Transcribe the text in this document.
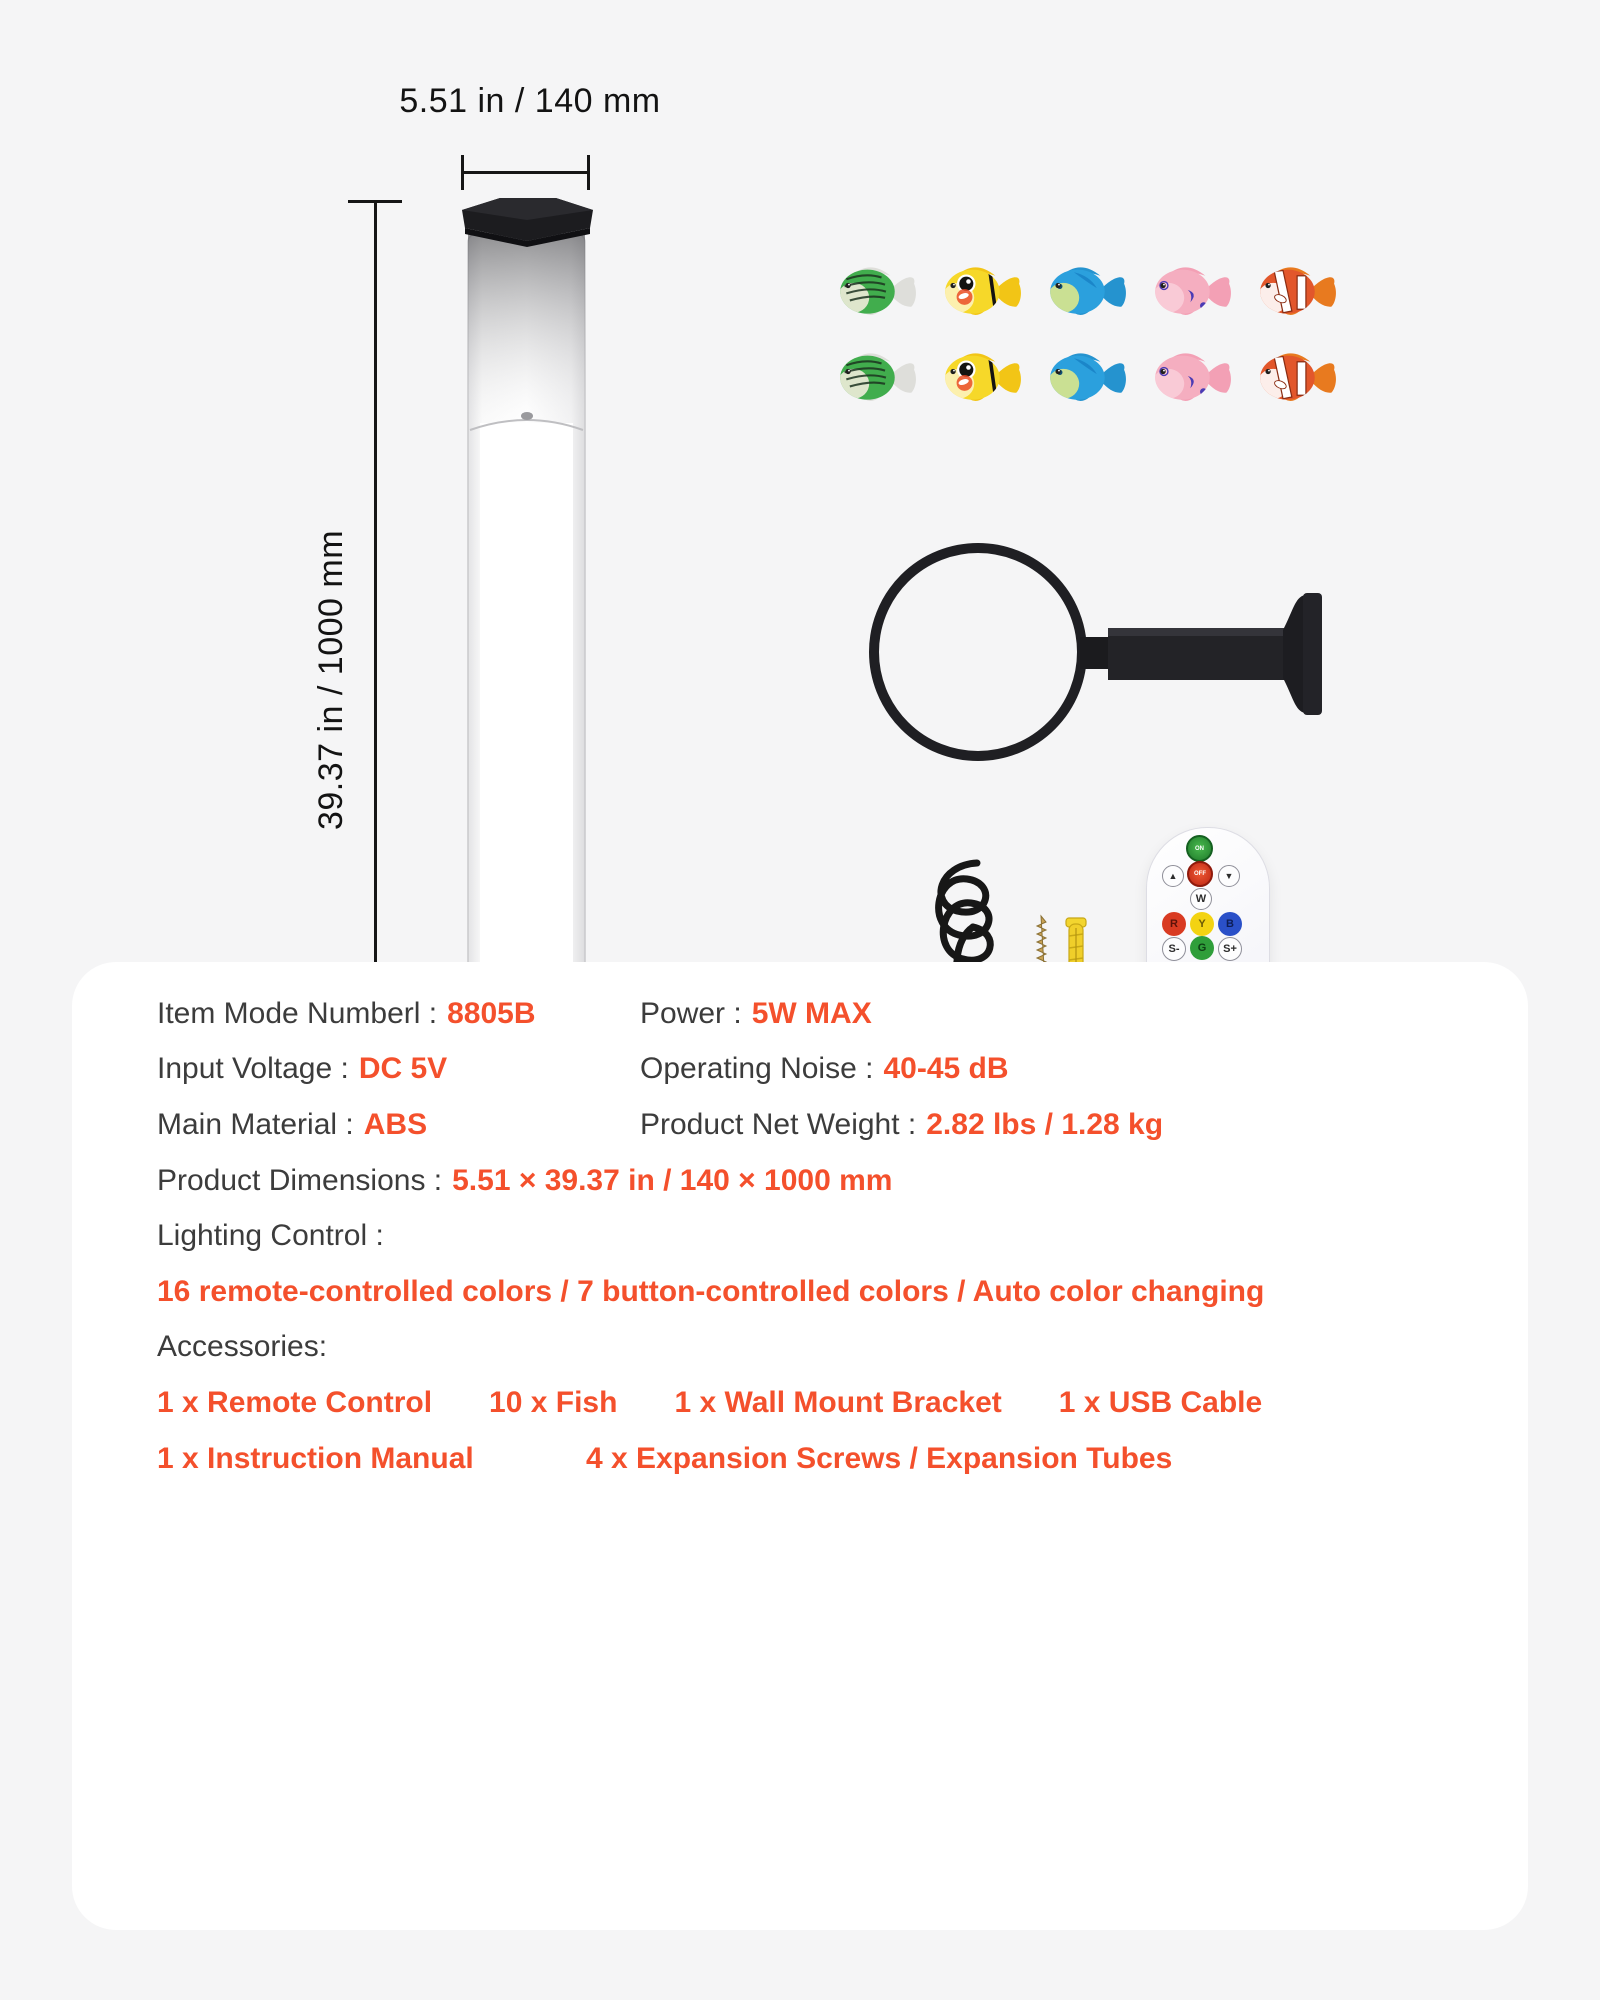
5.51 in / 140 mm
39.37 in / 1000 mm
ON
▲	OFF	▼
W
R	Y	B
S-	G	S+
Item Mode Numberl : 8805B	Power : 5W MAX
Input Voltage : DC 5V	Operating Noise : 40-45 dB
Main Material : ABS	Product Net Weight : 2.82 lbs / 1.28 kg
Product Dimensions : 5.51 × 39.37 in / 140 × 1000 mm
Lighting Control :
16 remote-controlled colors / 7 button-controlled colors / Auto color changing
Accessories:
1 x Remote Control 10 x Fish 1 x Wall Mount Bracket 1 x USB Cable
1 x Instruction Manual	4 x Expansion Screws / Expansion Tubes
